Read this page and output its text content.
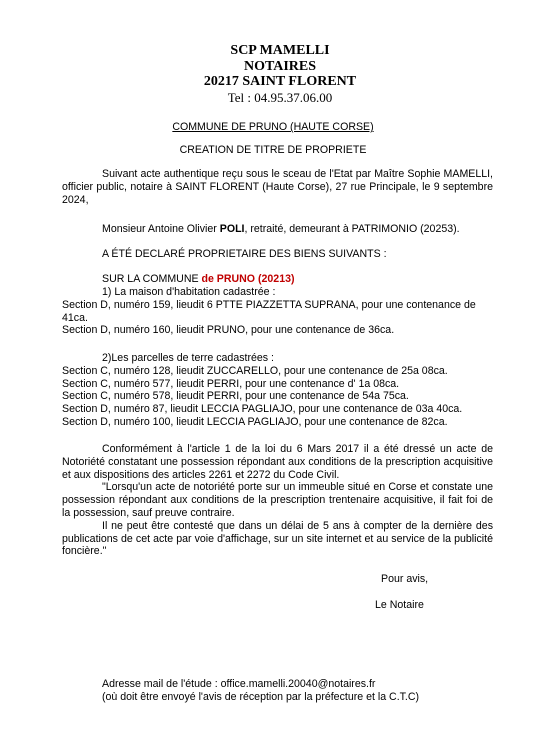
SCP MAMELLI
NOTAIRES
20217 SAINT FLORENT
Tel : 04.95.37.06.00
COMMUNE DE PRUNO (HAUTE CORSE)
CREATION DE TITRE DE PROPRIETE
Suivant acte authentique reçu sous le sceau de l'Etat par Maître Sophie MAMELLI, officier public, notaire à SAINT FLORENT (Haute Corse), 27 rue Principale, le 9 septembre 2024,
Monsieur Antoine Olivier POLI, retraité, demeurant à PATRIMONIO (20253).
A ÉTÉ DECLARÉ PROPRIETAIRE DES BIENS SUIVANTS :
SUR LA COMMUNE de PRUNO (20213)
1) La maison d'habitation cadastrée :
Section D, numéro 159, lieudit 6 PTTE PIAZZETTA SUPRANA, pour une contenance de 41ca.
Section D, numéro 160, lieudit PRUNO, pour une contenance de 36ca.
2)Les parcelles de terre cadastrées :
Section C, numéro 128, lieudit ZUCCARELLO, pour une contenance de 25a 08ca.
Section C, numéro 577, lieudit PERRI, pour une contenance d' 1a 08ca.
Section C, numéro 578, lieudit PERRI, pour une contenance de 54a 75ca.
Section D, numéro 87, lieudit LECCIA PAGLIAJO, pour une contenance de 03a 40ca.
Section D, numéro 100, lieudit LECCIA PAGLIAJO, pour une contenance de 82ca.
Conformément à l'article 1 de la loi du 6 Mars 2017 il a été dressé un acte de Notoriété constatant une possession répondant aux conditions de la prescription acquisitive et aux dispositions des articles 2261 et 2272 du Code Civil.
"Lorsqu'un acte de notoriété porte sur un immeuble situé en Corse et constate une possession répondant aux conditions de la prescription trentenaire acquisitive, il fait foi de la possession, sauf preuve contraire.
Il ne peut être contesté que dans un délai de 5 ans à compter de la dernière des publications de cet acte par voie d'affichage, sur un site internet et au service de la publicité foncière."
Pour avis,
Le Notaire
Adresse mail de l'étude : office.mamelli.20040@notaires.fr
(où doit être envoyé l'avis de réception par la préfecture et la C.T.C)
